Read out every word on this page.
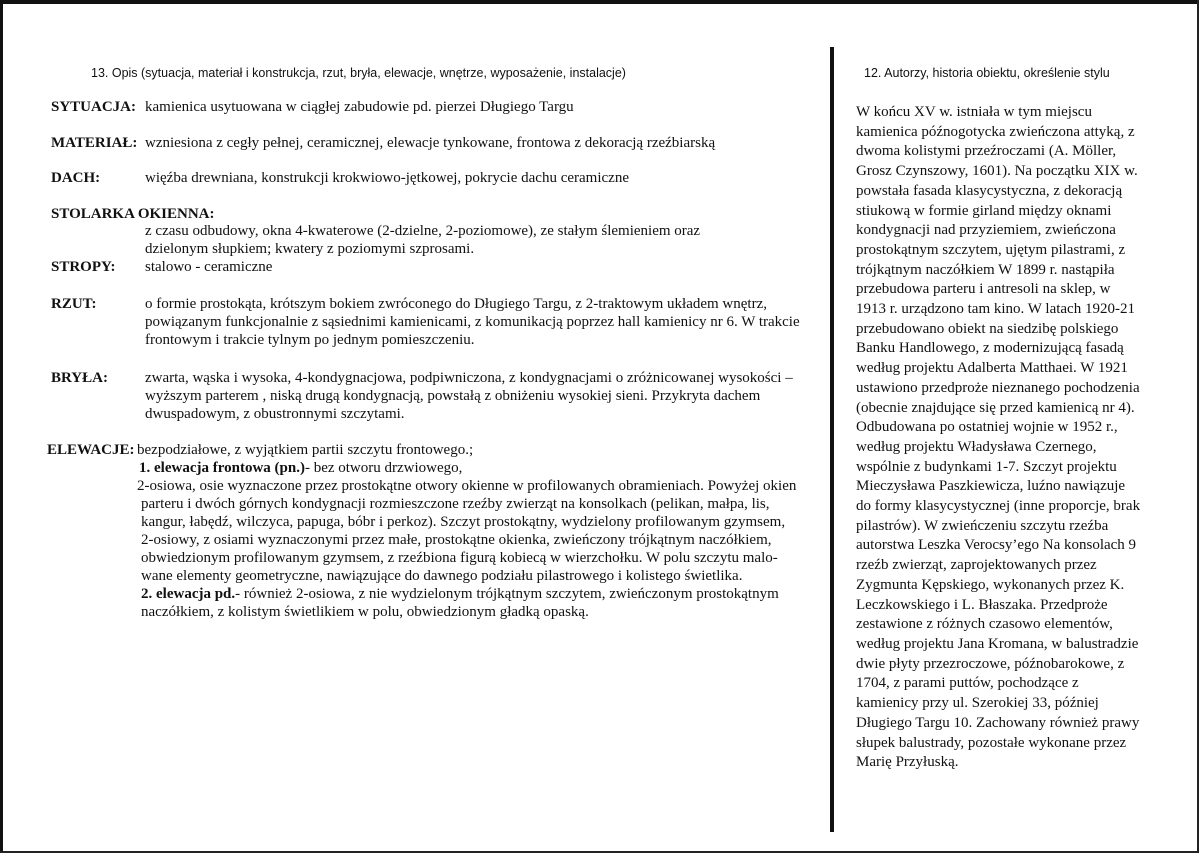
13. Opis (sytuacja, materiał i konstrukcja, rzut, bryła, elewacje, wnętrze, wyposażenie, instalacje)	12. Autorzy, historia obiektu, określenie stylu
SYTUACJA: kamienica usytuowana w ciągłej zabudowie pd. pierzei Długiego Targu
MATERIAŁ: wzniesiona z cegły pełnej, ceramicznej, elewacje tynkowane, frontowa z dekoracją rzeźbiarską
DACH:	więźba drewniana, konstrukcji krokwiowo-jętkowej, pokrycie dachu ceramiczne
STOLARKA OKIENNA:
z czasu odbudowy, okna 4-kwaterowe (2-dzielne, 2-poziomowe), ze stałym ślemieniem oraz
dzielonym słupkiem; kwatery z poziomymi szprosami.
STROPY: stalowo - ceramiczne
RZUT:	o formie prostokąta, krótszym bokiem zwróconego do Długiego Targu, z 2-traktowym układem wnętrz,
powiązanym funkcjonalnie z sąsiednimi kamienicami, z komunikacją poprzez hall kamienicy nr 6. W trakcie
frontowym i trakcie tylnym po jednym pomieszczeniu.
BRYŁA: zwarta, wąska i wysoka, 4-kondygnacjowa, podpiwniczona, z kondygnacjami o zróżnicowanej wysokości –
wyższym parterem , niską drugą kondygnacją, powstałą z obniżeniu wysokiej sieni. Przykryta dachem
dwuspadowym, z obustronnymi szczytami.
ELEWACJE: bezpodziałowe, z wyjątkiem partii szczytu frontowego.;
1. elewacja frontowa (pn.)- bez otworu drzwiowego,
2-osiowa, osie wyznaczone przez prostokątne otwory okienne w profilowanych obramieniach. Powyżej okien
parteru i dwóch górnych kondygnacji rozmieszczone rzeźby zwierząt na konsolkach (pelikan, małpa, lis,
kangur, łabędź, wilczyca, papuga, bóbr i perkoz). Szczyt prostokątny, wydzielony profilowanym gzymsem,
2-osiowy, z osiami wyznaczonymi przez małe, prostokątne okienka, zwieńczony trójkątnym naczółkiem,
obwiedzionym profilowanym gzymsem, z rzeźbiona figurą kobiecą w wierzchołku. W polu szczytu malo-
wane elementy geometryczne, nawiązujące do dawnego podziału pilastrowego i kolistego świetlika.
2. elewacja pd.- również 2-osiowa, z nie wydzielonym trójkątnym szczytem, zwieńczonym prostokątnym
naczółkiem, z kolistym świetlikiem w polu, obwiedzionym gładką opaską.
W końcu XV w. istniała w tym miejscu
kamienica późnogotycka zwieńczona attyką, z
dwoma kolistymi przeźroczami (A. Möller,
Grosz Czynszowy, 1601). Na początku XIX w.
powstała fasada klasycystyczna, z dekoracją
stiukową w formie girland między oknami
kondygnacji nad przyziemiem, zwieńczona
prostokątnym szczytem, ujętym pilastrami, z
trójkątnym naczółkiem W 1899 r. nastąpiła
przebudowa parteru i antresoli na sklep, w
1913 r. urządzono tam kino. W latach 1920-21
przebudowano obiekt na siedzibę polskiego
Banku Handlowego, z modernizującą fasadą
według projektu Adalberta Matthaei. W 1921
ustawiono przedproże nieznanego pochodzenia
(obecnie znajdujące się przed kamienicą nr 4).
Odbudowana po ostatniej wojnie w 1952 r.,
według projektu Władysława Czernego,
wspólnie z budynkami 1-7. Szczyt projektu
Mieczysława Paszkiewicza, luźno nawiązuje
do formy klasycystycznej (inne proporcje, brak
pilastrów). W zwieńczeniu szczytu rzeźba
autorstwa Leszka Verocsy’ego Na konsolach 9
rzeźb zwierząt, zaprojektowanych przez
Zygmunta Kępskiego, wykonanych przez K.
Leczkowskiego i L. Błaszaka. Przedproże
zestawione z różnych czasowo elementów,
według projektu Jana Kromana, w balustradzie
dwie płyty przezroczowe, późnobarokowe, z
1704, z parami puttów, pochodzące z
kamienicy przy ul. Szerokiej 33, później
Długiego Targu 10. Zachowany również prawy
słupek balustrady, pozostałe wykonane przez
Marię Przyłuską.
